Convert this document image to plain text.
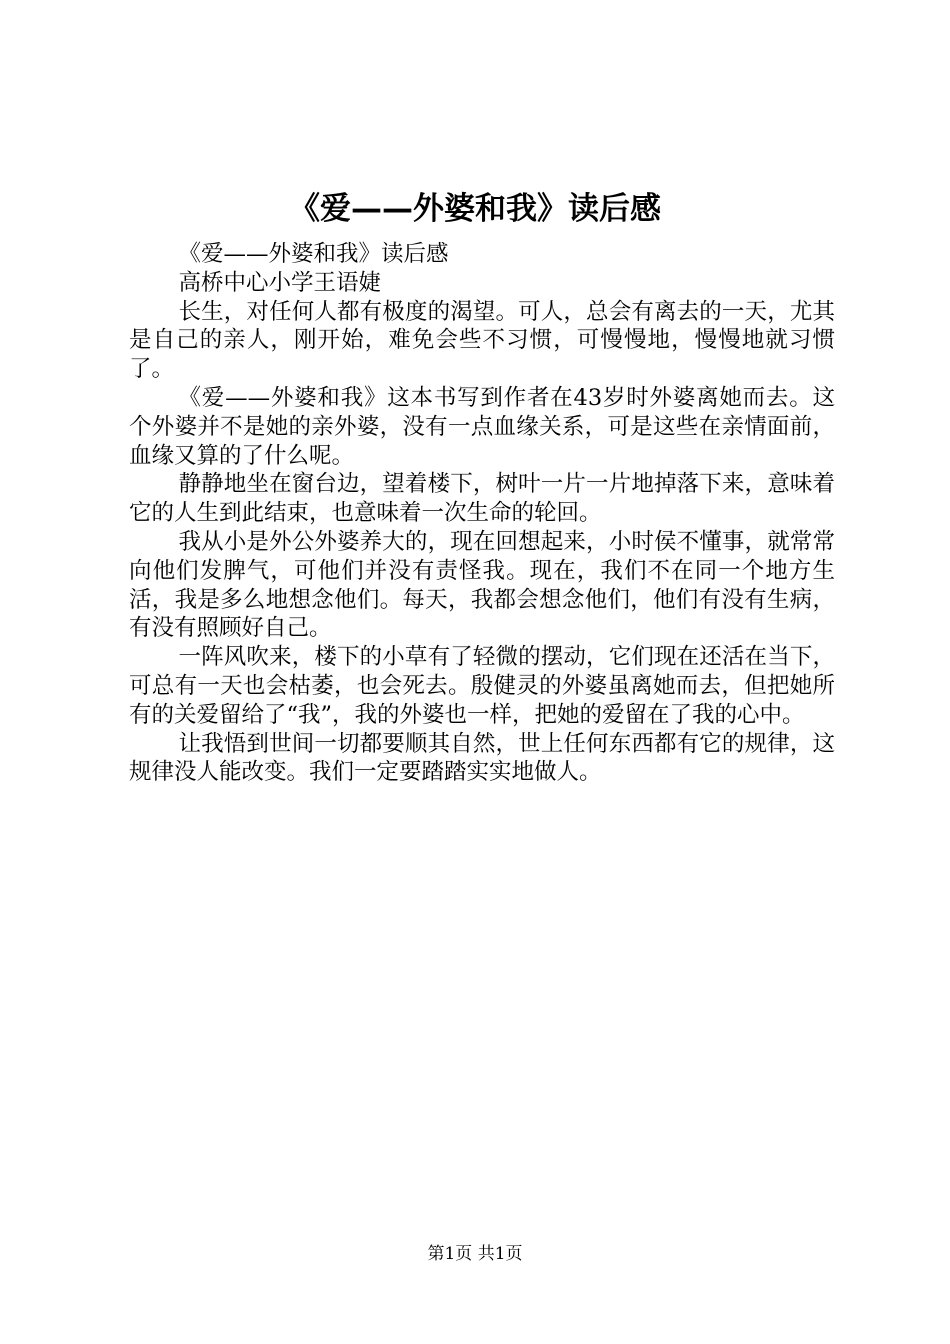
《爱——外婆和我》读后感

《爱——外婆和我》读后感

高桥中心小学王语婕

长生，对任何人都有极度的渴望。可人，总会有离去的一天，尤其是自己的亲人，刚开始，难免会些不习惯，可慢慢地，慢慢地就习惯了。

《爱——外婆和我》这本书写到作者在43岁时外婆离她而去。这个外婆并不是她的亲外婆，没有一点血缘关系，可是这些在亲情面前，血缘又算的了什么呢。

静静地坐在窗台边，望着楼下，树叶一片一片地掉落下来，意味着它的人生到此结束，也意味着一次生命的轮回。

我从小是外公外婆养大的，现在回想起来，小时侯不懂事，就常常向他们发脾气，可他们并没有责怪我。现在，我们不在同一个地方生活，我是多么地想念他们。每天，我都会想念他们，他们有没有生病，有没有照顾好自己。

一阵风吹来，楼下的小草有了轻微的摆动，它们现在还活在当下，可总有一天也会枯萎，也会死去。殷健灵的外婆虽离她而去，但把她所有的关爱留给了“我”，我的外婆也一样，把她的爱留在了我的心中。

让我悟到世间一切都要顺其自然，世上任何东西都有它的规律，这规律没人能改变。我们一定要踏踏实实地做人。

第1页 共1页
